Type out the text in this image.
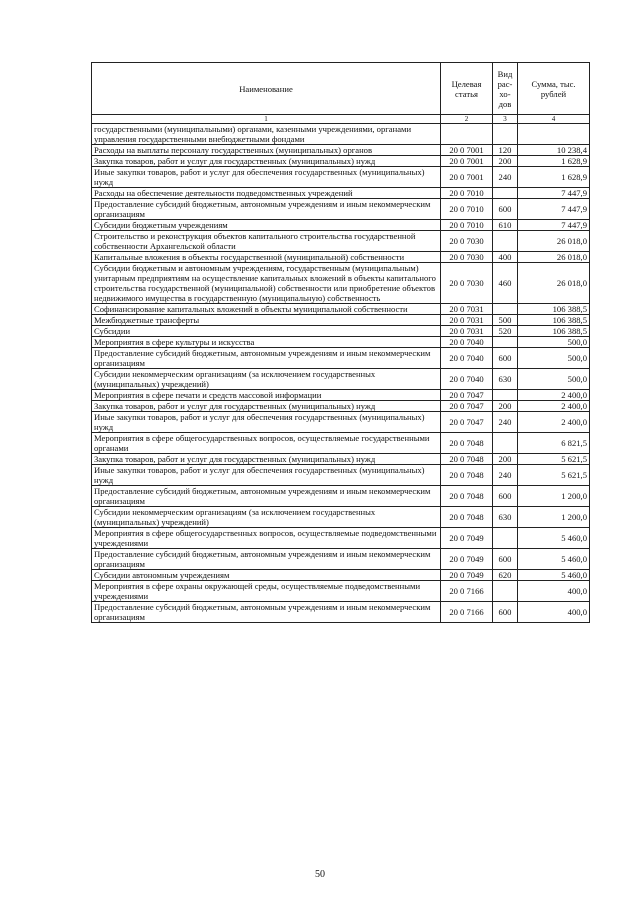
Наименование	Целевая статья	Вид рас- хо- дов	Сумма, тыс. рублей
1	2	3	4
государственными (муниципальными) органами, казенными учреждениями, органами управления государственными внебюджетными фондами			
Расходы на выплаты персоналу государственных (муниципальных) органов	20 0 7001	120	10 238,4
Закупка товаров, работ и услуг для государственных (муниципальных) нужд	20 0 7001	200	1 628,9
Иные закупки товаров, работ и услуг для обеспечения государственных (муниципальных) нужд	20 0 7001	240	1 628,9
Расходы на обеспечение деятельности подведомственных учреждений	20 0 7010		7 447,9
Предоставление субсидий бюджетным, автономным учреждениям и иным некоммерческим организациям	20 0 7010	600	7 447,9
Субсидии бюджетным учреждениям	20 0 7010	610	7 447,9
Строительство и реконструкция объектов капитального строительства государственной собственности Архангельской области	20 0 7030		26 018,0
Капитальные вложения в объекты государственной (муниципальной) собственности	20 0 7030	400	26 018,0
Субсидии бюджетным и автономным учреждениям, государственным (муниципальным) унитарным предприятиям на осуществление капитальных вложений в объекты капитального строительства государственной (муниципальной) собственности или приобретение объектов недвижимого имущества в государственную (муниципальную) собственность	20 0 7030	460	26 018,0
Софинансирование капитальных вложений в объекты муниципальной собственности	20 0 7031		106 388,5
Межбюджетные трансферты	20 0 7031	500	106 388,5
Субсидии	20 0 7031	520	106 388,5
Мероприятия в сфере культуры и искусства	20 0 7040		500,0
Предоставление субсидий бюджетным, автономным учреждениям и иным некоммерческим организациям	20 0 7040	600	500,0
Субсидии некоммерческим организациям (за исключением государственных (муниципальных) учреждений)	20 0 7040	630	500,0
Мероприятия в сфере печати и средств массовой информации	20 0 7047		2 400,0
Закупка товаров, работ и услуг для государственных (муниципальных) нужд	20 0 7047	200	2 400,0
Иные закупки товаров, работ и услуг для обеспечения государственных (муниципальных) нужд	20 0 7047	240	2 400,0
Мероприятия в сфере общегосударственных вопросов, осуществляемые государственными органами	20 0 7048		6 821,5
Закупка товаров, работ и услуг для государственных (муниципальных) нужд	20 0 7048	200	5 621,5
Иные закупки товаров, работ и услуг для обеспечения государственных (муниципальных) нужд	20 0 7048	240	5 621,5
Предоставление субсидий бюджетным, автономным учреждениям и иным некоммерческим организациям	20 0 7048	600	1 200,0
Субсидии некоммерческим организациям (за исключением государственных (муниципальных) учреждений)	20 0 7048	630	1 200,0
Мероприятия в сфере общегосударственных вопросов, осуществляемые подведомственными учреждениями	20 0 7049		5 460,0
Предоставление субсидий бюджетным, автономным учреждениям и иным некоммерческим организациям	20 0 7049	600	5 460,0
Субсидии автономным учреждениям	20 0 7049	620	5 460,0
Мероприятия в сфере охраны окружающей среды, осуществляемые подведомственными учреждениями	20 0 7166		400,0
Предоставление субсидий бюджетным, автономным учреждениям и иным некоммерческим организациям	20 0 7166	600	400,0
50
